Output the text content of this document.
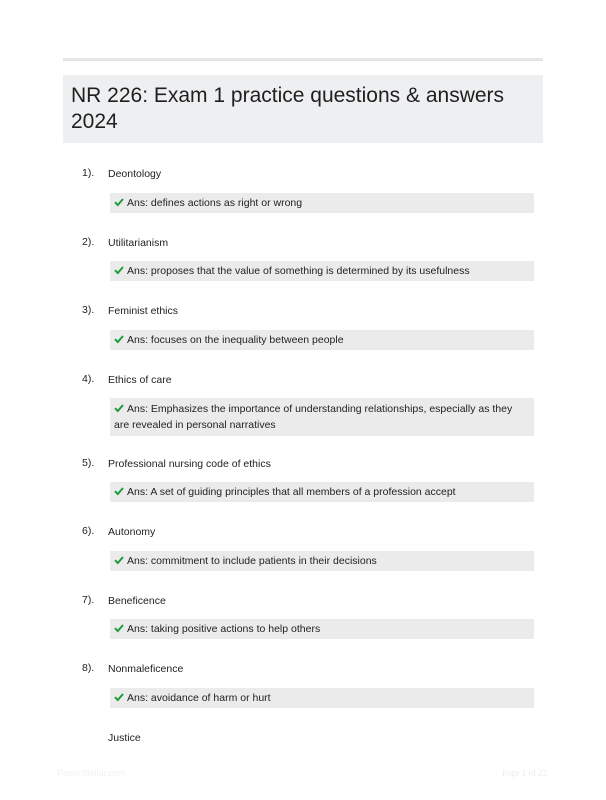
NR 226: Exam 1 practice questions & answers 2024
1). Deontology
Ans: defines actions as right or wrong
2). Utilitarianism
Ans: proposes that the value of something is determined by its usefulness
3). Feminist ethics
Ans: focuses on the inequality between people
4). Ethics of care
Ans: Emphasizes the importance of understanding relationships, especially as they are revealed in personal narratives
5). Professional nursing code of ethics
Ans: A set of guiding principles that all members of a profession accept
6). Autonomy
Ans: commitment to include patients in their decisions
7). Beneficence
Ans: taking positive actions to help others
8). Nonmaleficence
Ans: avoidance of harm or hurt
Justice
PaperStellar.com	Page 1 of 22
